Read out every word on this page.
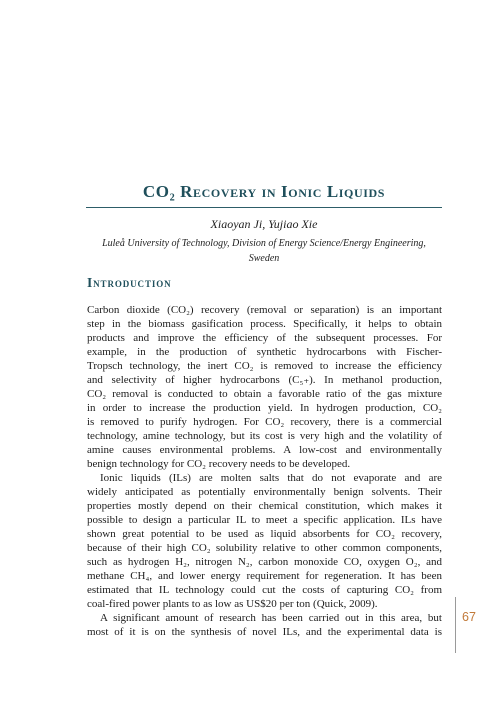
CO₂ Recovery in Ionic Liquids
Xiaoyan Ji, Yujiao Xie
Luleå University of Technology, Division of Energy Science/Energy Engineering,
Sweden
Introduction
Carbon dioxide (CO₂) recovery (removal or separation) is an important
step in the biomass gasification process. Specifically, it helps to obtain
products and improve the efficiency of the subsequent processes. For
example, in the production of synthetic hydrocarbons with Fischer-
Tropsch technology, the inert CO₂ is removed to increase the efficiency
and selectivity of higher hydrocarbons (C₅₊). In methanol production,
CO₂ removal is conducted to obtain a favorable ratio of the gas mixture
in order to increase the production yield. In hydrogen production, CO₂
is removed to purify hydrogen. For CO₂ recovery, there is a commercial
technology, amine technology, but its cost is very high and the volatility of
amine causes environmental problems. A low-cost and environmentally
benign technology for CO₂ recovery needs to be developed.
Ionic liquids (ILs) are molten salts that do not evaporate and are
widely anticipated as potentially environmentally benign solvents. Their
properties mostly depend on their chemical constitution, which makes it
possible to design a particular IL to meet a specific application. ILs have
shown great potential to be used as liquid absorbents for CO₂ recovery,
because of their high CO₂ solubility relative to other common components,
such as hydrogen H₂, nitrogen N₂, carbon monoxide CO, oxygen O₂, and
methane CH₄, and lower energy requirement for regeneration. It has been
estimated that IL technology could cut the costs of capturing CO₂ from
coal-fired power plants to as low as US$20 per ton (Quick, 2009).
A significant amount of research has been carried out in this area, but
most of it is on the synthesis of novel ILs, and the experimental data is
67
